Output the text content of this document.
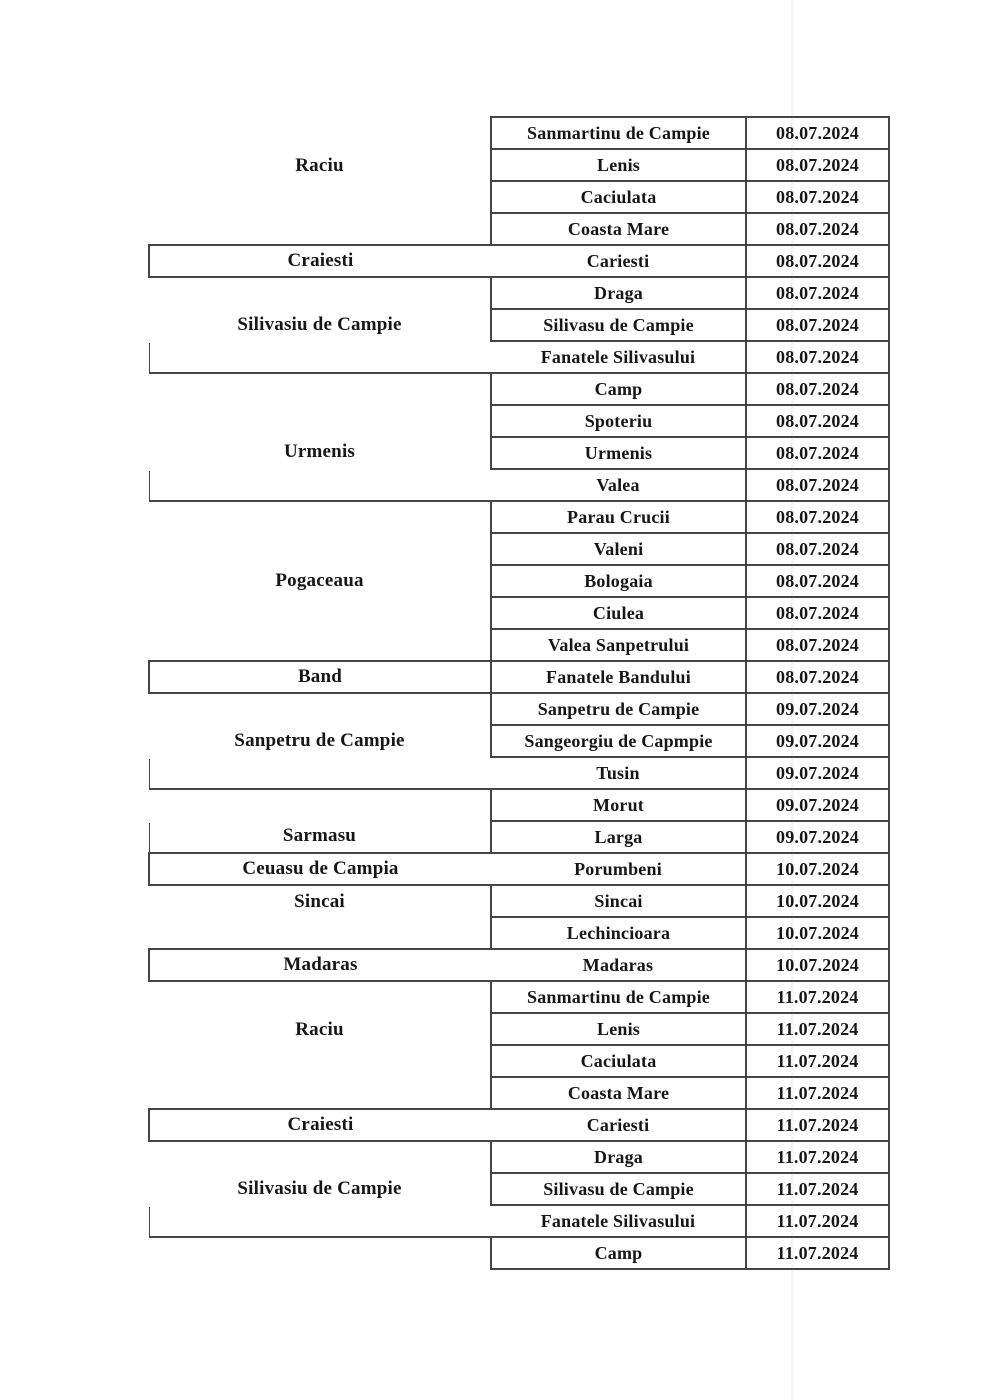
Raciu	Sanmartinu de Campie	08.07.2024
	Lenis	08.07.2024
	Caciulata	08.07.2024
	Coasta Mare	08.07.2024
Craiesti	Cariesti	08.07.2024
Silivasiu de Campie	Draga	08.07.2024
	Silivasu de Campie	08.07.2024
	Fanatele Silivasului	08.07.2024
Urmenis	Camp	08.07.2024
	Spoteriu	08.07.2024
	Urmenis	08.07.2024
	Valea	08.07.2024
Pogaceaua	Parau Crucii	08.07.2024
	Valeni	08.07.2024
	Bologaia	08.07.2024
	Ciulea	08.07.2024
	Valea Sanpetrului	08.07.2024
Band	Fanatele Bandului	08.07.2024
Sanpetru de Campie	Sanpetru de Campie	09.07.2024
	Sangeorgiu de Capmpie	09.07.2024
	Tusin	09.07.2024
Sarmasu	Morut	09.07.2024
	Larga	09.07.2024
Ceuasu de Campia	Porumbeni	10.07.2024
Sincai	Sincai	10.07.2024
	Lechincioara	10.07.2024
Madaras	Madaras	10.07.2024
Raciu	Sanmartinu de Campie	11.07.2024
	Lenis	11.07.2024
	Caciulata	11.07.2024
	Coasta Mare	11.07.2024
Craiesti	Cariesti	11.07.2024
Silivasiu de Campie	Draga	11.07.2024
	Silivasu de Campie	11.07.2024
	Fanatele Silivasului	11.07.2024
	Camp	11.07.2024
